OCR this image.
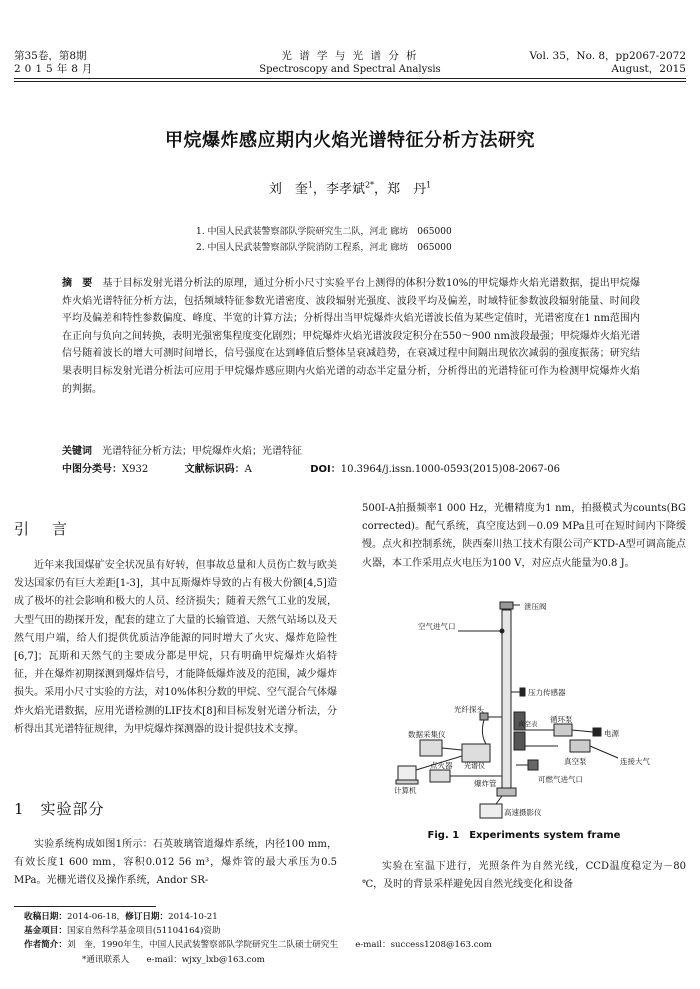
第35卷，第8期
2015年8月
光 谱 学 与 光 谱 分 析
Spectroscopy and Spectral Analysis
Vol. 35，No. 8，pp2067-2072
August，2015
甲烷爆炸感应期内火焰光谱特征分析方法研究
刘　奎$^1$，李孝斌$^{2*}$，郑　丹$^1$
1. 中国人民武装警察部队学院研究生二队，河北 廊坊　065000
2. 中国人民武装警察部队学院消防工程系，河北 廊坊　065000
摘　要　 基于目标发射光谱分析法的原理，通过分析小尺寸实验平台上测得的体积分数10%的甲烷爆炸火焰光谱数据，提出甲烷爆炸火焰光谱特征分析方法，包括频域特征参数光谱密度、波段辐射光强度、波段平均及偏差，时域特征参数波段辐射能量、时间段平均及偏差和特性参数偏度、峰度、半宽的计算方法；分析得出当甲烷爆炸火焰光谱波长值为某些定值时，光谱密度在1 nm范围内在正向与负向之间转换，表明光强密集程度变化剧烈；甲烷爆炸火焰光谱波段定积分在550～900 nm波段最强；甲烷爆炸火焰光谱信号随着波长的增大可测时间增长，信号强度在达到峰值后整体呈衰减趋势，在衰减过程中间隔出现依次减弱的强度振荡；研究结果表明目标发射光谱分析法可应用于甲烷爆炸感应期内火焰光谱的动态半定量分析，分析得出的光谱特征可作为检测甲烷爆炸火焰的判据。
关键词　 光谱特征分析方法；甲烷爆炸火焰；光谱特征
中图分类号：X932	文献标识码：A	DOI：10.3964/j.issn.1000-0593(2015)08-2067-06
引　言
近年来我国煤矿安全状况虽有好转，但事故总量和人员伤亡数与欧美发达国家仍有巨大差距[1-3]，其中瓦斯爆炸导致的占有极大份额[4,5]造成了极坏的社会影响和极大的人员、经济损失；随着天然气工业的发展，大型气田的勘探开发，配套的建立了大量的长输管道、天然气站场以及天然气用户端，给人们提供优质洁净能源的同时增大了火灾、爆炸危险性[6,7]；瓦斯和天然气的主要成分都是甲烷，只有明确甲烷爆炸火焰特征，并在爆炸初期探测到爆炸信号，才能降低爆炸波及的范围，减少爆炸损失。采用小尺寸实验的方法，对10%体积分数的甲烷、空气混合气体爆炸火焰光谱数据，应用光谱检测的LIF技术[8]和目标发射光谱分析法，分析得出其光谱特征规律，为甲烷爆炸探测器的设计提供技术支撑。
1　实验部分
实验系统构成如图1所示：石英玻璃管道爆炸系统，内径100 mm，有效长度1 600 mm，容积0.012 56 m³，爆炸管的最大承压为0.5 MPa。光栅光谱仪及操作系统，Andor SR-
500I-A拍摄频率1 000 Hz，光栅精度为1 nm，拍摄模式为counts(BG corrected)。配气系统，真空度达到－0.09 MPa且可在短时间内下降缓慢。点火和控制系统，陕西秦川热工技术有限公司产KTD-A型可调高能点火器，本工作采用点火电压为100 V，对应点火能量为0.8 J。
泄压阀
空气进气口
压力传感器
光纤探头
数据采集仪
光谱仪
点火器
计算机
循环泵
电源
真空泵
真空表
连接大气
爆炸管	可燃气进气口
高速摄影仪
Fig. 1　Experiments system frame
实验在室温下进行，光照条件为自然光线，CCD温度稳定为－80 ℃，及时的背景采样避免因自然光线变化和设备
收稿日期：2014-06-18，修订日期：2014-10-21
基金项目：国家自然科学基金项目(51104164)资助
作者简介：刘　奎，1990年生，中国人民武装警察部队学院研究生二队硕士研究生　　e-mail：success1208@163.com
*通讯联系人　　e-mail：wjxy_lxb@163.com
